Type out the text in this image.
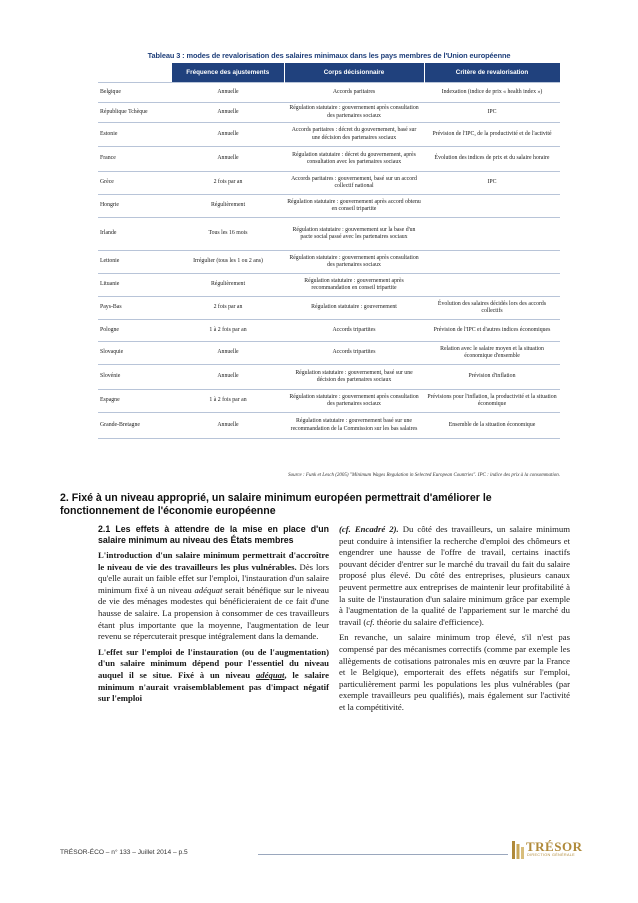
Tableau 3 : modes de revalorisation des salaires minimaux dans les pays membres de l'Union européenne
	Fréquence des ajustements	Corps décisionnaire	Critère de revalorisation
Belgique	Annuelle	Accords paritaires	Indexation (indice de prix « health index »)
République Tchèque	Annuelle	Régulation statutaire : gouvernement après consultation des partenaires sociaux	IPC
Estonie	Annuelle	Accords paritaires : décret du gouvernement, basé sur une décision des partenaires sociaux	Prévision de l'IPC, de la productivité et de l'activité
France	Annuelle	Régulation statutaire : décret du gouvernement, après consultation avec les partenaires sociaux	Évolution des indices de prix et du salaire horaire
Grèce	2 fois par an	Accords paritaires : gouvernement, basé sur un accord collectif national	IPC
Hongrie	Régulièrement	Régulation statutaire : gouvernement après accord obtenu en conseil tripartite	
Irlande	Tous les 16 mois	Régulation statutaire : gouvernement sur la base d'un pacte social passé avec les partenaires sociaux	
Lettonie	Irrégulier (tous les 1 ou 2 ans)	Régulation statutaire : gouvernement après consultation des partenaires sociaux	
Lituanie	Régulièrement	Régulation statutaire : gouvernement après recommandation en conseil tripartite	
Pays-Bas	2 fois par an	Régulation statutaire : gouvernement	Évolution des salaires décidés lors des accords collectifs
Pologne	1 à 2 fois par an	Accords tripartites	Prévision de l'IPC et d'autres indices économiques
Slovaquie	Annuelle	Accords tripartites	Relation avec le salaire moyen et la situation économique d'ensemble
Slovénie	Annuelle	Régulation statutaire : gouvernement, basé sur une décision des partenaires sociaux	Prévision d'inflation
Espagne	1 à 2 fois par an	Régulation statutaire : gouvernement après consultation des partenaires sociaux	Prévisions pour l'inflation, la productivité et la situation économique
Grande-Bretagne	Annuelle	Régulation statutaire : gouvernement basé sur une recommandation de la Commission sur les bas salaires	Ensemble de la situation économique
Source : Funk et Lesch (2005) "Minimum Wages Regulation in Selected European Countries". IPC : indice des prix à la consommation.
2. Fixé à un niveau approprié, un salaire minimum européen permettrait d'améliorer le fonctionnement de l'économie européenne
2.1 Les effets à attendre de la mise en place d'un salaire minimum au niveau des États membres

L'introduction d'un salaire minimum permettrait d'accroître le niveau de vie des travailleurs les plus vulnérables. Dès lors qu'elle aurait un faible effet sur l'emploi, l'instauration d'un salaire minimum fixé à un niveau adéquat serait bénéfique sur le niveau de vie des ménages modestes qui bénéficieraient de ce fait d'une hausse de salaire. La propension à consommer de ces travailleurs étant plus importante que la moyenne, l'augmentation de leur revenu se répercuterait presque intégralement dans la demande.

L'effet sur l'emploi de l'instauration (ou de l'augmentation) d'un salaire minimum dépend pour l'essentiel du niveau auquel il se situe. Fixé à un niveau adéquat, le salaire minimum n'aurait vraisemblablement pas d'impact négatif sur l'emploi

(cf. Encadré 2). Du côté des travailleurs, un salaire minimum peut conduire à intensifier la recherche d'emploi des chômeurs et engendrer une hausse de l'offre de travail, certains inactifs pouvant décider d'entrer sur le marché du travail du fait du salaire proposé plus élevé. Du côté des entreprises, plusieurs canaux peuvent permettre aux entreprises de maintenir leur profitabilité à la suite de l'instauration d'un salaire minimum grâce par exemple à l'augmentation de la qualité de l'appariement sur le marché du travail (cf. théorie du salaire d'efficience).

En revanche, un salaire minimum trop élevé, s'il n'est pas compensé par des mécanismes correctifs (comme par exemple les allègements de cotisations patronales mis en œuvre par la France et le Belgique), emporterait des effets négatifs sur l'emploi, particulièrement parmi les populations les plus vulnérables (par exemple travailleurs peu qualifiés), mais également sur l'activité et la compétitivité.

TRÉSOR-ÉCO – n° 133 – Juillet 2014 – p.5	TRÉSOR
DIRECTION GÉNÉRALE
